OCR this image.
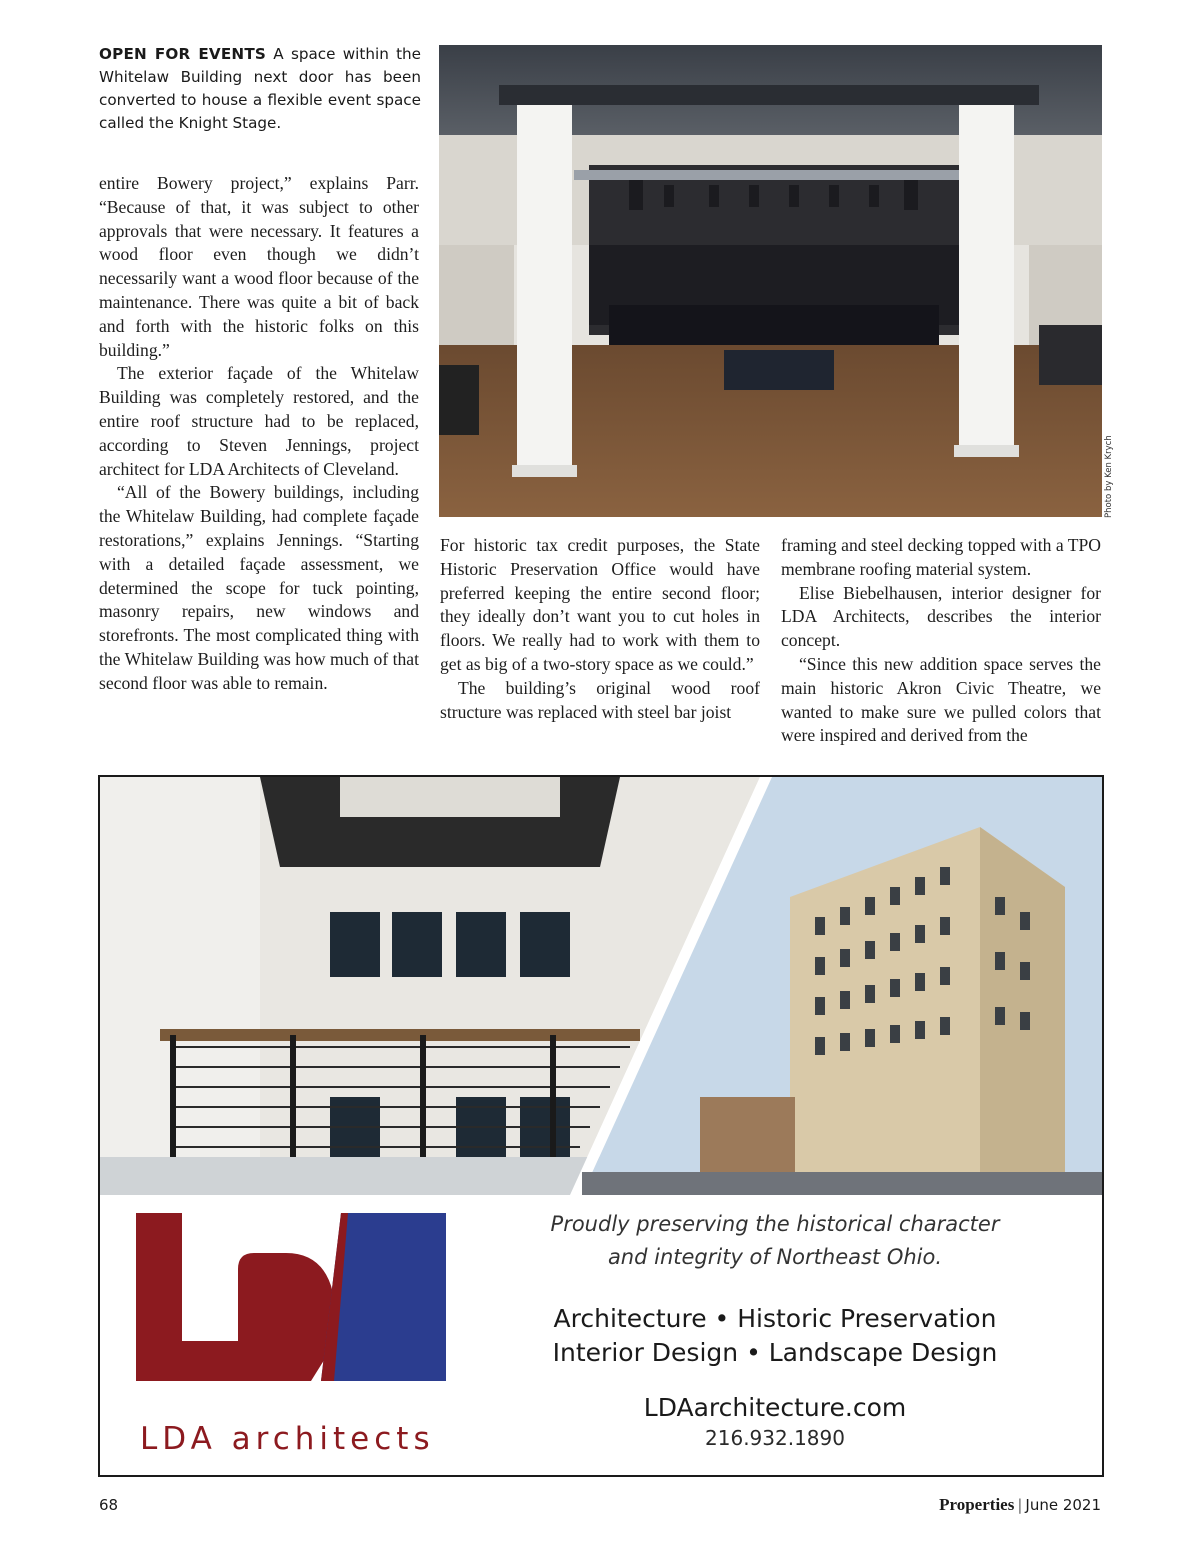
OPEN FOR EVENTS A space within the Whitelaw Building next door has been converted to house a flexible event space called the Knight Stage.
Photo by Ken Krych

entire Bowery project,” explains Parr. “Because of that, it was subject to other approvals that were necessary. It features a wood floor even though we didn’t necessarily want a wood floor because of the maintenance. There was quite a bit of back and forth with the historic folks on this building.”

The exterior façade of the Whitelaw Building was completely restored, and the entire roof structure had to be replaced, according to Steven Jennings, project architect for LDA Architects of Cleveland.

“All of the Bowery buildings, including the Whitelaw Building, had complete façade restorations,” explains Jennings. “Starting with a detailed façade assessment, we determined the scope for tuck pointing, masonry repairs, new windows and storefronts. The most complicated thing with the Whitelaw Building was how much of that second floor was able to remain.

For historic tax credit purposes, the State Historic Preservation Office would have preferred keeping the entire second floor; they ideally don’t want you to cut holes in floors. We really had to work with them to get as big of a two-story space as we could.”

The building’s original wood roof structure was replaced with steel bar joist

framing and steel decking topped with a TPO membrane roofing material system.

Elise Biebelhausen, interior designer for LDA Architects, describes the interior concept.

“Since this new addition space serves the main historic Akron Civic Theatre, we wanted to make sure we pulled colors that were inspired and derived from the

LDA architects
Proudly preserving the historical character
and integrity of Northeast Ohio.
Architecture • Historic Preservation
Interior Design • Landscape Design
LDAarchitecture.com
216.932.1890
68	Properties | June 2021
